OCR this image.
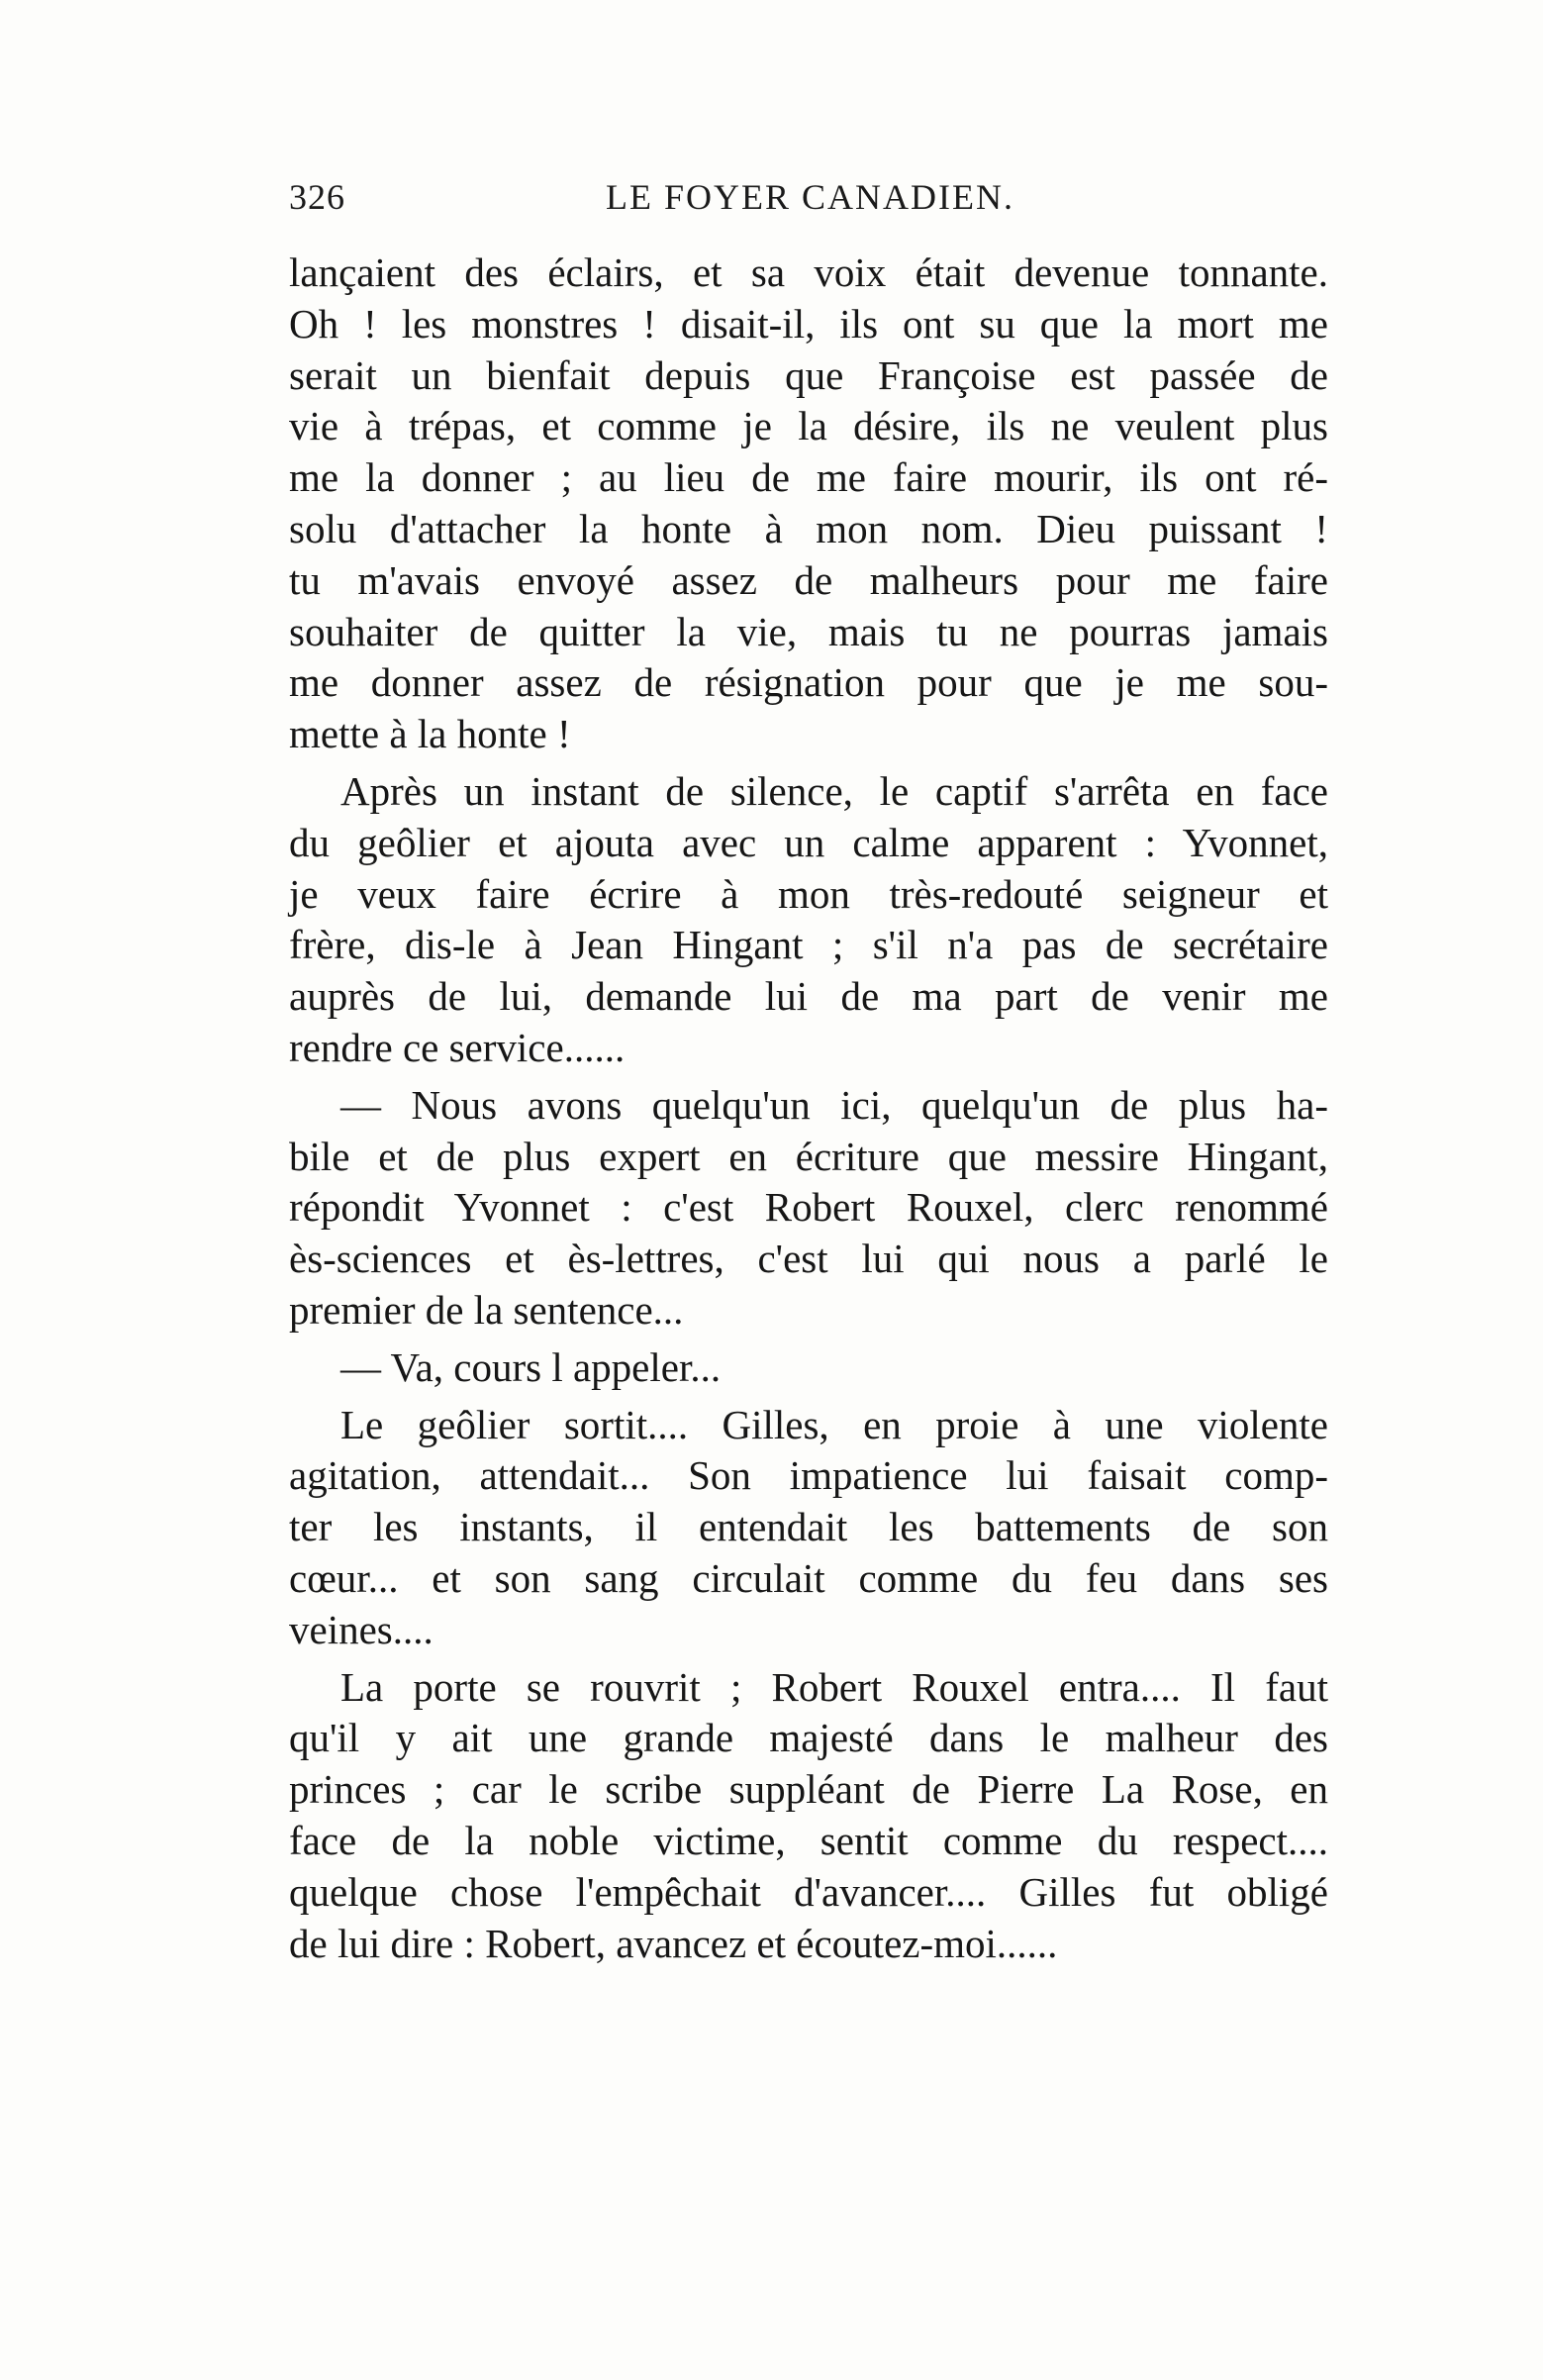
326	LE FOYER CANADIEN.
lançaient des éclairs, et sa voix était devenue tonnante.
Oh ! les monstres ! disait-il, ils ont su que la mort me
serait un bienfait depuis que Françoise est passée de
vie à trépas, et comme je la désire, ils ne veulent plus
me la donner ; au lieu de me faire mourir, ils ont ré-
solu d'attacher la honte à mon nom. Dieu puissant !
tu m'avais envoyé assez de malheurs pour me faire
souhaiter de quitter la vie, mais tu ne pourras jamais
me donner assez de résignation pour que je me sou-
mette à la honte !
Après un instant de silence, le captif s'arrêta en face
du geôlier et ajouta avec un calme apparent : Yvonnet,
je veux faire écrire à mon très-redouté seigneur et
frère, dis-le à Jean Hingant ; s'il n'a pas de secrétaire
auprès de lui, demande lui de ma part de venir me
rendre ce service......
— Nous avons quelqu'un ici, quelqu'un de plus ha-
bile et de plus expert en écriture que messire Hingant,
répondit Yvonnet : c'est Robert Rouxel, clerc renommé
ès-sciences et ès-lettres, c'est lui qui nous a parlé le
premier de la sentence...
— Va, cours l appeler...
Le geôlier sortit.... Gilles, en proie à une violente
agitation, attendait... Son impatience lui faisait comp-
ter les instants, il entendait les battements de son
cœur... et son sang circulait comme du feu dans ses
veines....
La porte se rouvrit ; Robert Rouxel entra.... Il faut
qu'il y ait une grande majesté dans le malheur des
princes ; car le scribe suppléant de Pierre La Rose, en
face de la noble victime, sentit comme du respect....
quelque chose l'empêchait d'avancer.... Gilles fut obligé
de lui dire : Robert, avancez et écoutez-moi......
